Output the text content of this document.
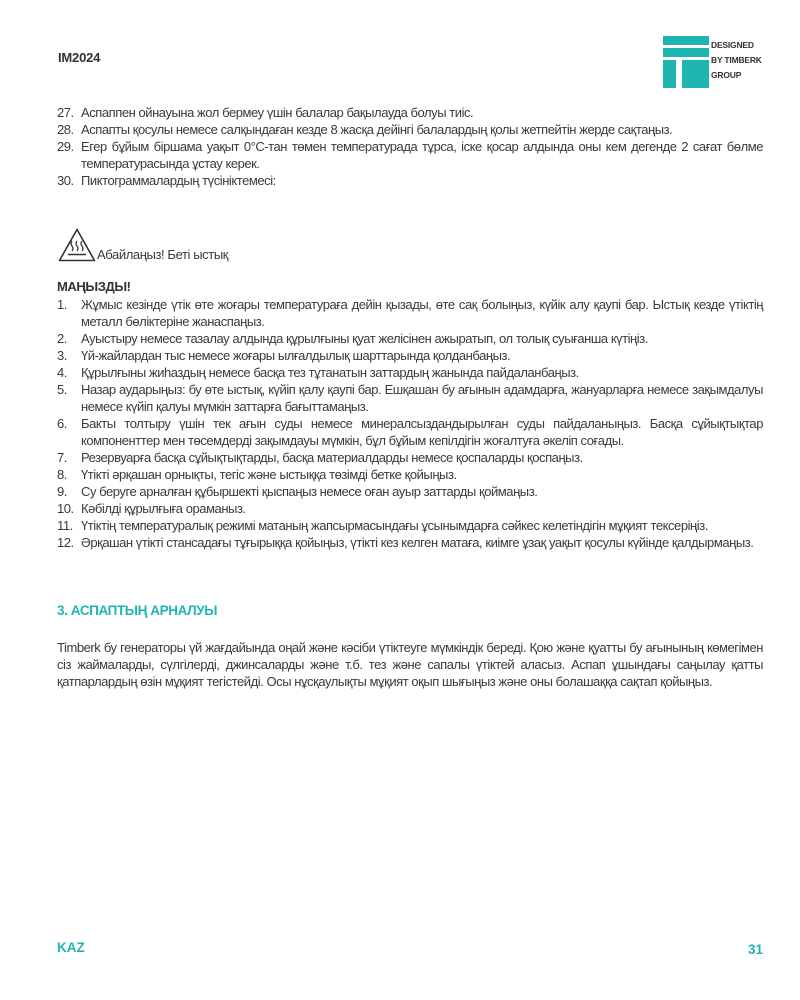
IM2024
DESIGNED
BY TIMBERK
GROUP
27. Аспаппен ойнауына жол бермеу үшін балалар бақылауда болуы тиіс.
28. Аспапты қосулы немесе салқындаған кезде 8 жасқа дейінгі балалардың қолы жетпейтін жерде сақтаңыз.
29. Егер бұйым біршама уақыт 0°С-тан төмен температурада тұрса, іске қосар алдында оны кем дегенде 2 сағат бөлме температурасында ұстау керек.
30. Пиктограммалардың түсініктемесі:
Абайлаңыз! Беті ыстық
МАҢЫЗДЫ!
1. Жұмыс кезінде үтік өте жоғары температураға дейін қызады, өте сақ болыңыз, күйік алу қаупі бар. Ыстық кезде үтіктің металл бөліктеріне жанаспаңыз.
2. Ауыстыру немесе тазалау алдында құрылғыны қуат желісінен ажыратып, ол толық суығанша күтіңіз.
3. Үй-жайлардан тыс немесе жоғары ылғалдылық шарттарында қолданбаңыз.
4. Құрылғыны жиһаздың немесе басқа тез тұтанатын заттардың жанында пайдаланбаңыз.
5. Назар аударыңыз: бу өте ыстық, күйіп қалу қаупі бар. Ешқашан бу ағынын адамдарға, жануарларға немесе зақымдалуы немесе күйіп қалуы мүмкін заттарға бағыттамаңыз.
6. Бакты толтыру үшін тек ағын суды немесе минералсыздандырылған суды пайдаланыңыз. Басқа сұйықтықтар компоненттер мен төсемдерді зақымдауы мүмкін, бұл бұйым кепілдігін жоғалтуға әкеліп соғады.
7. Резервуарға басқа сұйықтықтарды, басқа материалдарды немесе қоспаларды қоспаңыз.
8. Үтікті әрқашан орнықты, тегіс және ыстыққа төзімді бетке қойыңыз.
9. Су беруге арналған құбыршекті қыспаңыз немесе оған ауыр заттарды қоймаңыз.
10. Кәбілді құрылғыға ораманыз.
11. Үтіктің температуралық режимі матаның жапсырмасындағы ұсынымдарға сәйкес келетіндігін мұқият тексеріңіз.
12. Әрқашан үтікті стансадағы тұғырыққа қойыңыз, үтікті кез келген матаға, киімге ұзақ уақыт қосулы күйінде қалдырмаңыз.
3. АСПАПТЫҢ АРНАЛУЫ

Timberk бу генераторы үй жағдайында оңай және кәсіби үтіктеуге мүмкіндік береді. Қою және қуатты бу ағынының көмегімен сіз жаймаларды, сүлгілерді, джинсаларды және т.б. тез және сапалы үтіктей аласыз. Аспап ұшындағы саңылау қатты қатпарлардың өзін мұқият тегістейді. Осы нұсқаулықты мұқият оқып шығыңыз және оны болашаққа сақтап қойыңыз.

KAZ	31
